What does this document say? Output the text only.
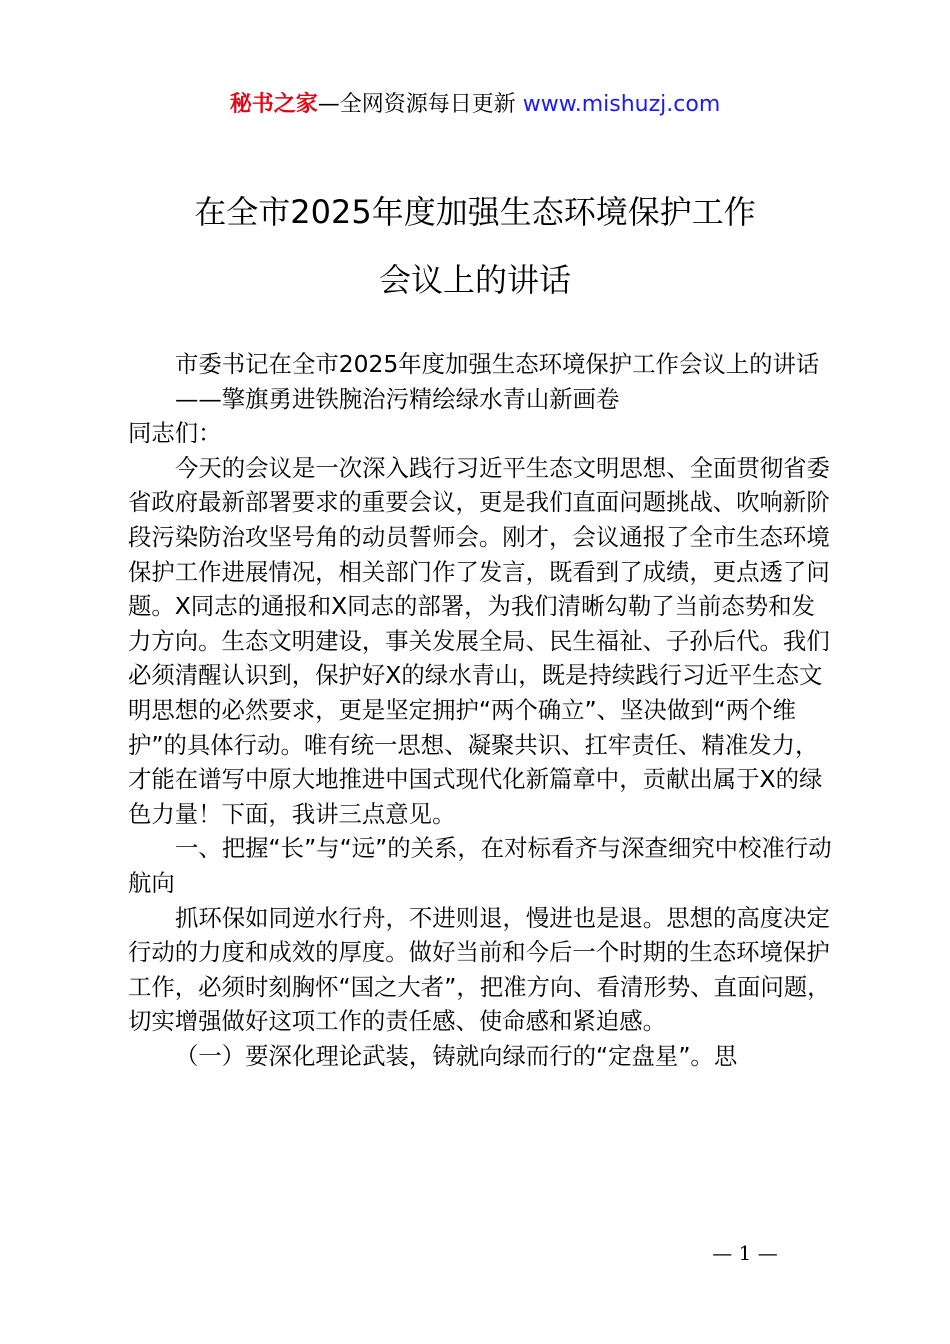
秘书之家—全网资源每日更新 www.mishuzj.com
在全市2025年度加强生态环境保护工作
会议上的讲话

市委书记在全市2025年度加强生态环境保护工作会议上的讲话

——擎旗勇进铁腕治污精绘绿水青山新画卷

同志们：

今天的会议是一次深入践行习近平生态文明思想、全面贯彻省委省政府最新部署要求的重要会议，更是我们直面问题挑战、吹响新阶段污染防治攻坚号角的动员誓师会。刚才，会议通报了全市生态环境保护工作进展情况，相关部门作了发言，既看到了成绩，更点透了问题。X同志的通报和X同志的部署，为我们清晰勾勒了当前态势和发力方向。生态文明建设，事关发展全局、民生福祉、子孙后代。我们必须清醒认识到，保护好X的绿水青山，既是持续践行习近平生态文明思想的必然要求，更是坚定拥护“两个确立”、坚决做到“两个维护”的具体行动。唯有统一思想、凝聚共识、扛牢责任、精准发力，才能在谱写中原大地推进中国式现代化新篇章中，贡献出属于X的绿色力量！下面，我讲三点意见。

一、把握“长”与“远”的关系，在对标看齐与深查细究中校准行动航向

抓环保如同逆水行舟，不进则退，慢进也是退。思想的高度决定行动的力度和成效的厚度。做好当前和今后一个时期的生态环境保护工作，必须时刻胸怀“国之大者”，把准方向、看清形势、直面问题，切实增强做好这项工作的责任感、使命感和紧迫感。

（一）要深化理论武装，铸就向绿而行的“定盘星”。思

— 1 —
